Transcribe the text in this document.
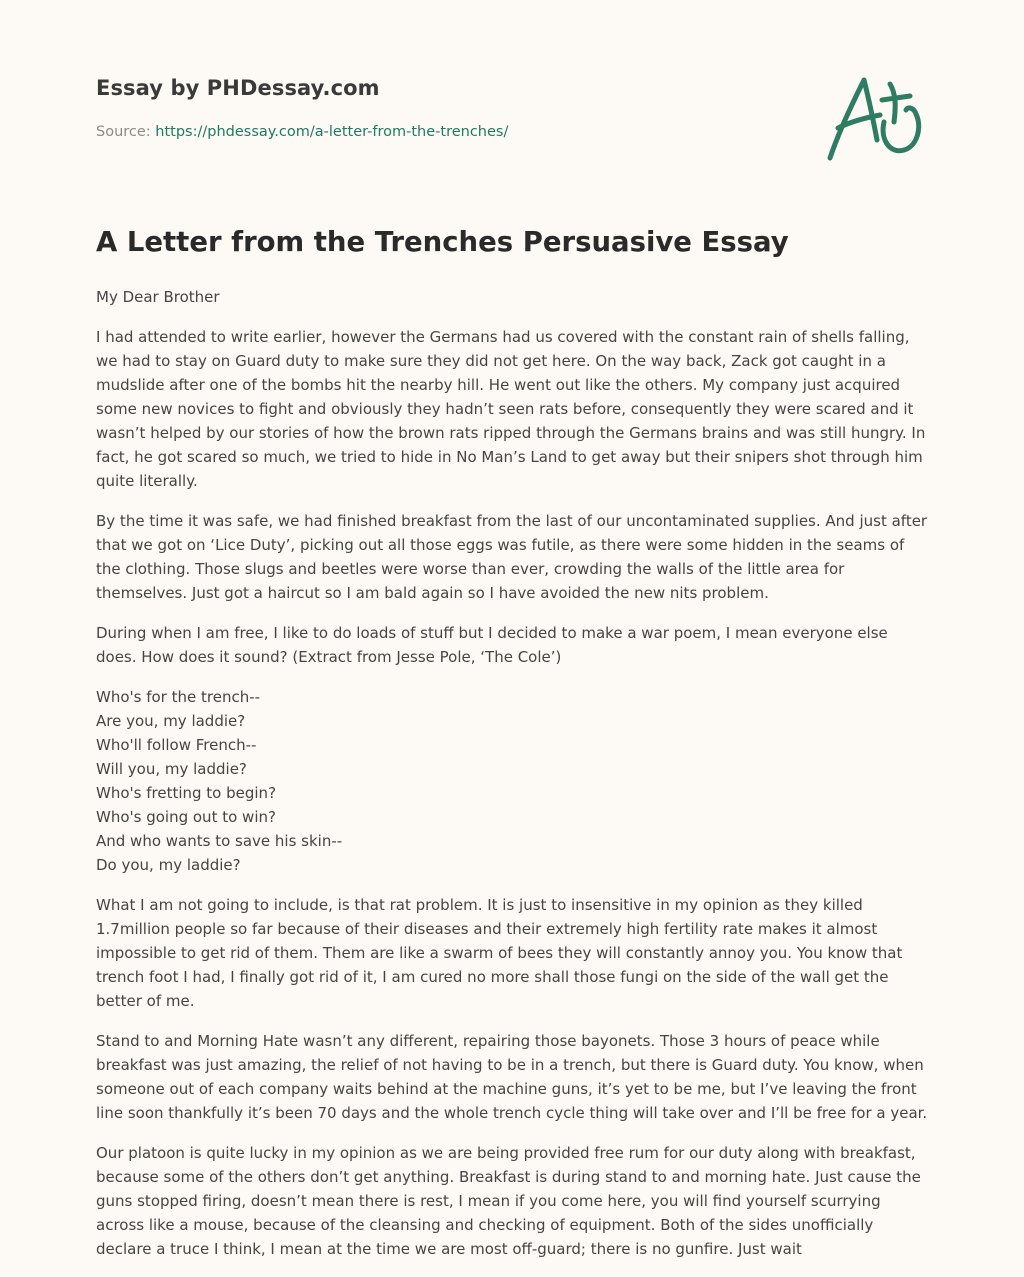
Essay by PHDessay.com
Source: https://phdessay.com/a-letter-from-the-trenches/
A Letter from the Trenches Persuasive Essay

My Dear Brother

I had attended to write earlier, however the Germans had us covered with the constant rain of shells falling, we had to stay on Guard duty to make sure they did not get here. On the way back, Zack got caught in a mudslide after one of the bombs hit the nearby hill. He went out like the others. My company just acquired some new novices to fight and obviously they hadn’t seen rats before, consequently they were scared and it wasn’t helped by our stories of how the brown rats ripped through the Germans brains and was still hungry. In fact, he got scared so much, we tried to hide in No Man’s Land to get away but their snipers shot through him quite literally.

By the time it was safe, we had finished breakfast from the last of our uncontaminated supplies. And just after that we got on ‘Lice Duty’, picking out all those eggs was futile, as there were some hidden in the seams of the clothing. Those slugs and beetles were worse than ever, crowding the walls of the little area for themselves. Just got a haircut so I am bald again so I have avoided the new nits problem.

During when I am free, I like to do loads of stuff but I decided to make a war poem, I mean everyone else does. How does it sound? (Extract from Jesse Pole, ‘The Cole’)

Who's for the trench--
Are you, my laddie?
Who'll follow French--
Will you, my laddie?
Who's fretting to begin?
Who's going out to win?
And who wants to save his skin--
Do you, my laddie?

What I am not going to include, is that rat problem. It is just to insensitive in my opinion as they killed 1.7million people so far because of their diseases and their extremely high fertility rate makes it almost impossible to get rid of them. Them are like a swarm of bees they will constantly annoy you. You know that trench foot I had, I finally got rid of it, I am cured no more shall those fungi on the side of the wall get the better of me.

Stand to and Morning Hate wasn’t any different, repairing those bayonets. Those 3 hours of peace while breakfast was just amazing, the relief of not having to be in a trench, but there is Guard duty. You know, when someone out of each company waits behind at the machine guns, it’s yet to be me, but I’ve leaving the front line soon thankfully it’s been 70 days and the whole trench cycle thing will take over and I’ll be free for a year.

Our platoon is quite lucky in my opinion as we are being provided free rum for our duty along with breakfast, because some of the others don’t get anything. Breakfast is during stand to and morning hate. Just cause the guns stopped firing, doesn’t mean there is rest, I mean if you come here, you will find yourself scurrying across like a mouse, because of the cleansing and checking of equipment. Both of the sides unofficially declare a truce I think, I mean at the time we are most off-guard; there is no gunfire. Just wait
